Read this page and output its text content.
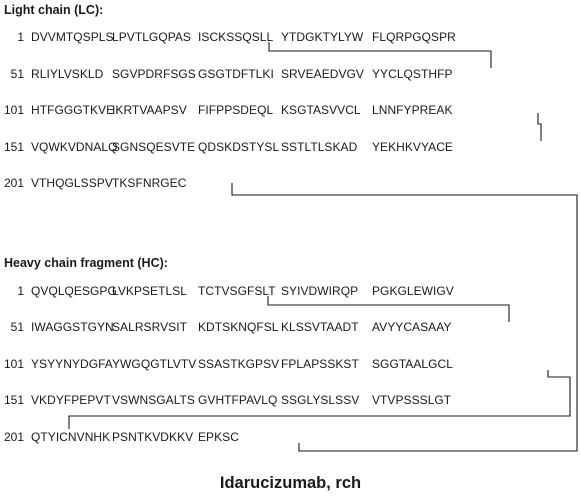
Light chain (LC):
1 DVVMTQSPLS
LPVTLGQPAS ISCKSSQSLL YTDGKTYLYW FLQRPGQSPR
51 RLIYLVSKLD SGVPDRFSGS GSGTDFTLKI SRVEAEDVGV YYCLQSTHFP
101 HTFGGGTKVE
IKRTVAAPSV FIFPPSDEQL KSGTASVVCL LNNFYPREAK
151 VQWKVDNALQ
SGNSQESVTE QDSKDSTYSL SSTLTLSKAD YEKHKVYACE
201 VTHQGLSSPV TKSFNRGEC
Heavy chain fragment (HC):
1 QVQLQESGPG
LVKPSETLSL TCTVSGFSLT SYIVDWIRQP PGKGLEWIGV
51 IWAGGSTGYN
SALRSRVSIT KDTSKNQFSL KLSSVTAADT AVYYCASAAY
101 YSYYNYDGFA YWGQGTLVTV SSASTKGPSV FPLAPSSKST SGGTAALGCL
151 VKDYFPEPVT VSWNSGALTS GVHTFPAVLQ SSGLYSLSSV VTVPSSSLGT
201 QTYICNVNHK PSNTKVDKKV EPKSC
Idarucizumab, rch
